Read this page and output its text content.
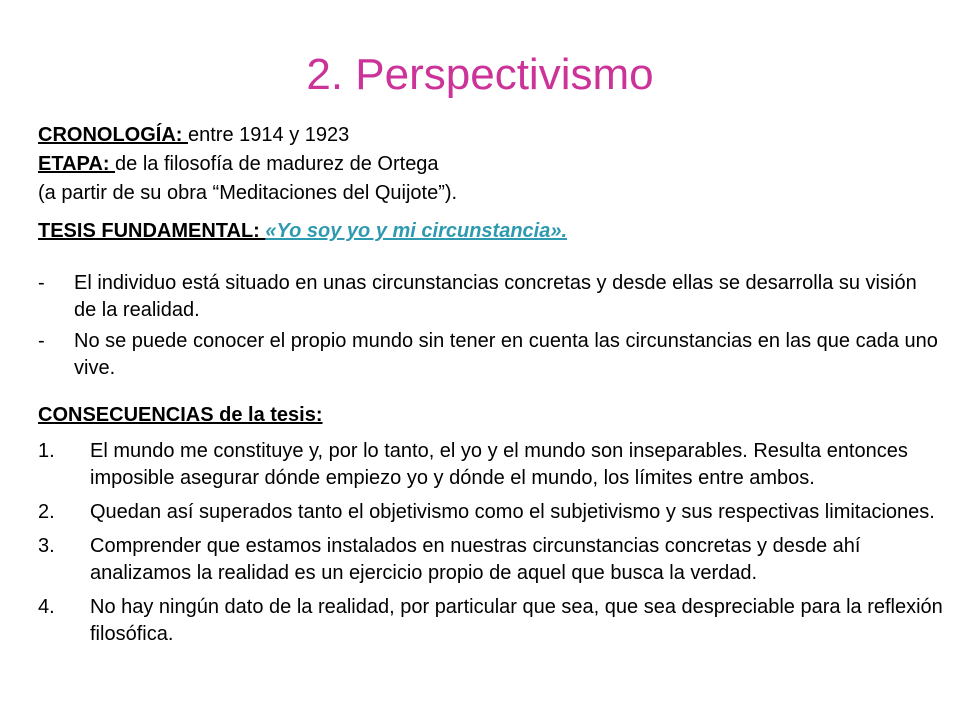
2. Perspectivismo
CRONOLOGÍA: entre 1914 y 1923
ETAPA: de la filosofía de madurez de Ortega
(a partir de su obra “Meditaciones del Quijote”).
TESIS FUNDAMENTAL: «Yo soy yo y mi circunstancia».
- El individuo está situado en unas circunstancias concretas y desde ellas se desarrolla su visión de la realidad.
- No se puede conocer el propio mundo sin tener en cuenta las circunstancias en las que cada uno vive.
CONSECUENCIAS de la tesis:
1. El mundo me constituye y, por lo tanto, el yo y el mundo son inseparables. Resulta entonces imposible asegurar dónde empiezo yo y dónde el mundo, los límites entre ambos.
2. Quedan así superados tanto el objetivismo como el subjetivismo y sus respectivas limitaciones.
3. Comprender que estamos instalados en nuestras circunstancias concretas y desde ahí analizamos la realidad es un ejercicio propio de aquel que busca la verdad.
4. No hay ningún dato de la realidad, por particular que sea, que sea despreciable para la reflexión filosófica.
